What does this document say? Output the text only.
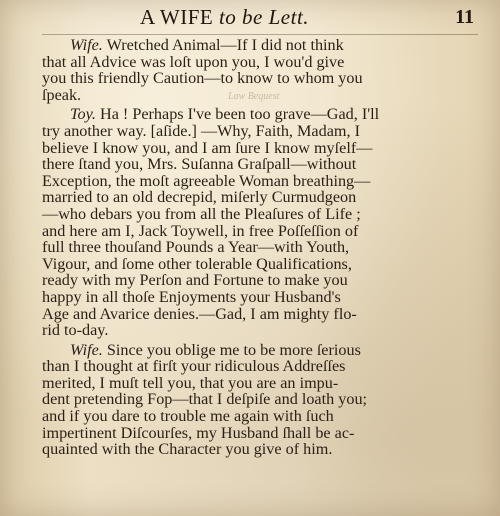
A WIFE to be Lett.	11
Law Bequest
Wife. Wretched Animal—If I did not think
that all Advice was loſt upon you, I wou'd give
you this friendly Caution—to know to whom you
ſpeak.
Toy. Ha ! Perhaps I've been too grave—Gad, I'll
try another way. [aſide.] —Why, Faith, Madam, I
believe I know you, and I am ſure I know myſelf—
there ſtand you, Mrs. Suſanna Graſpall—without
Exception, the moſt agreeable Woman breathing—
married to an old decrepid, miſerly Curmudgeon
—who debars you from all the Pleaſures of Life ;
and here am I, Jack Toywell, in free Poſſeſſion of
full three thouſand Pounds a Year—with Youth,
Vigour, and ſome other tolerable Qualifications,
ready with my Perſon and Fortune to make you
happy in all thoſe Enjoyments your Husband's
Age and Avarice denies.—Gad, I am mighty flo-
rid to-day.
Wife. Since you oblige me to be more ſerious
than I thought at firſt your ridiculous Addreſſes
merited, I muſt tell you, that you are an impu-
dent pretending Fop—that I deſpiſe and loath you;
and if you dare to trouble me again with ſuch
impertinent Diſcourſes, my Husband ſhall be ac-
quainted with the Character you give of him.
